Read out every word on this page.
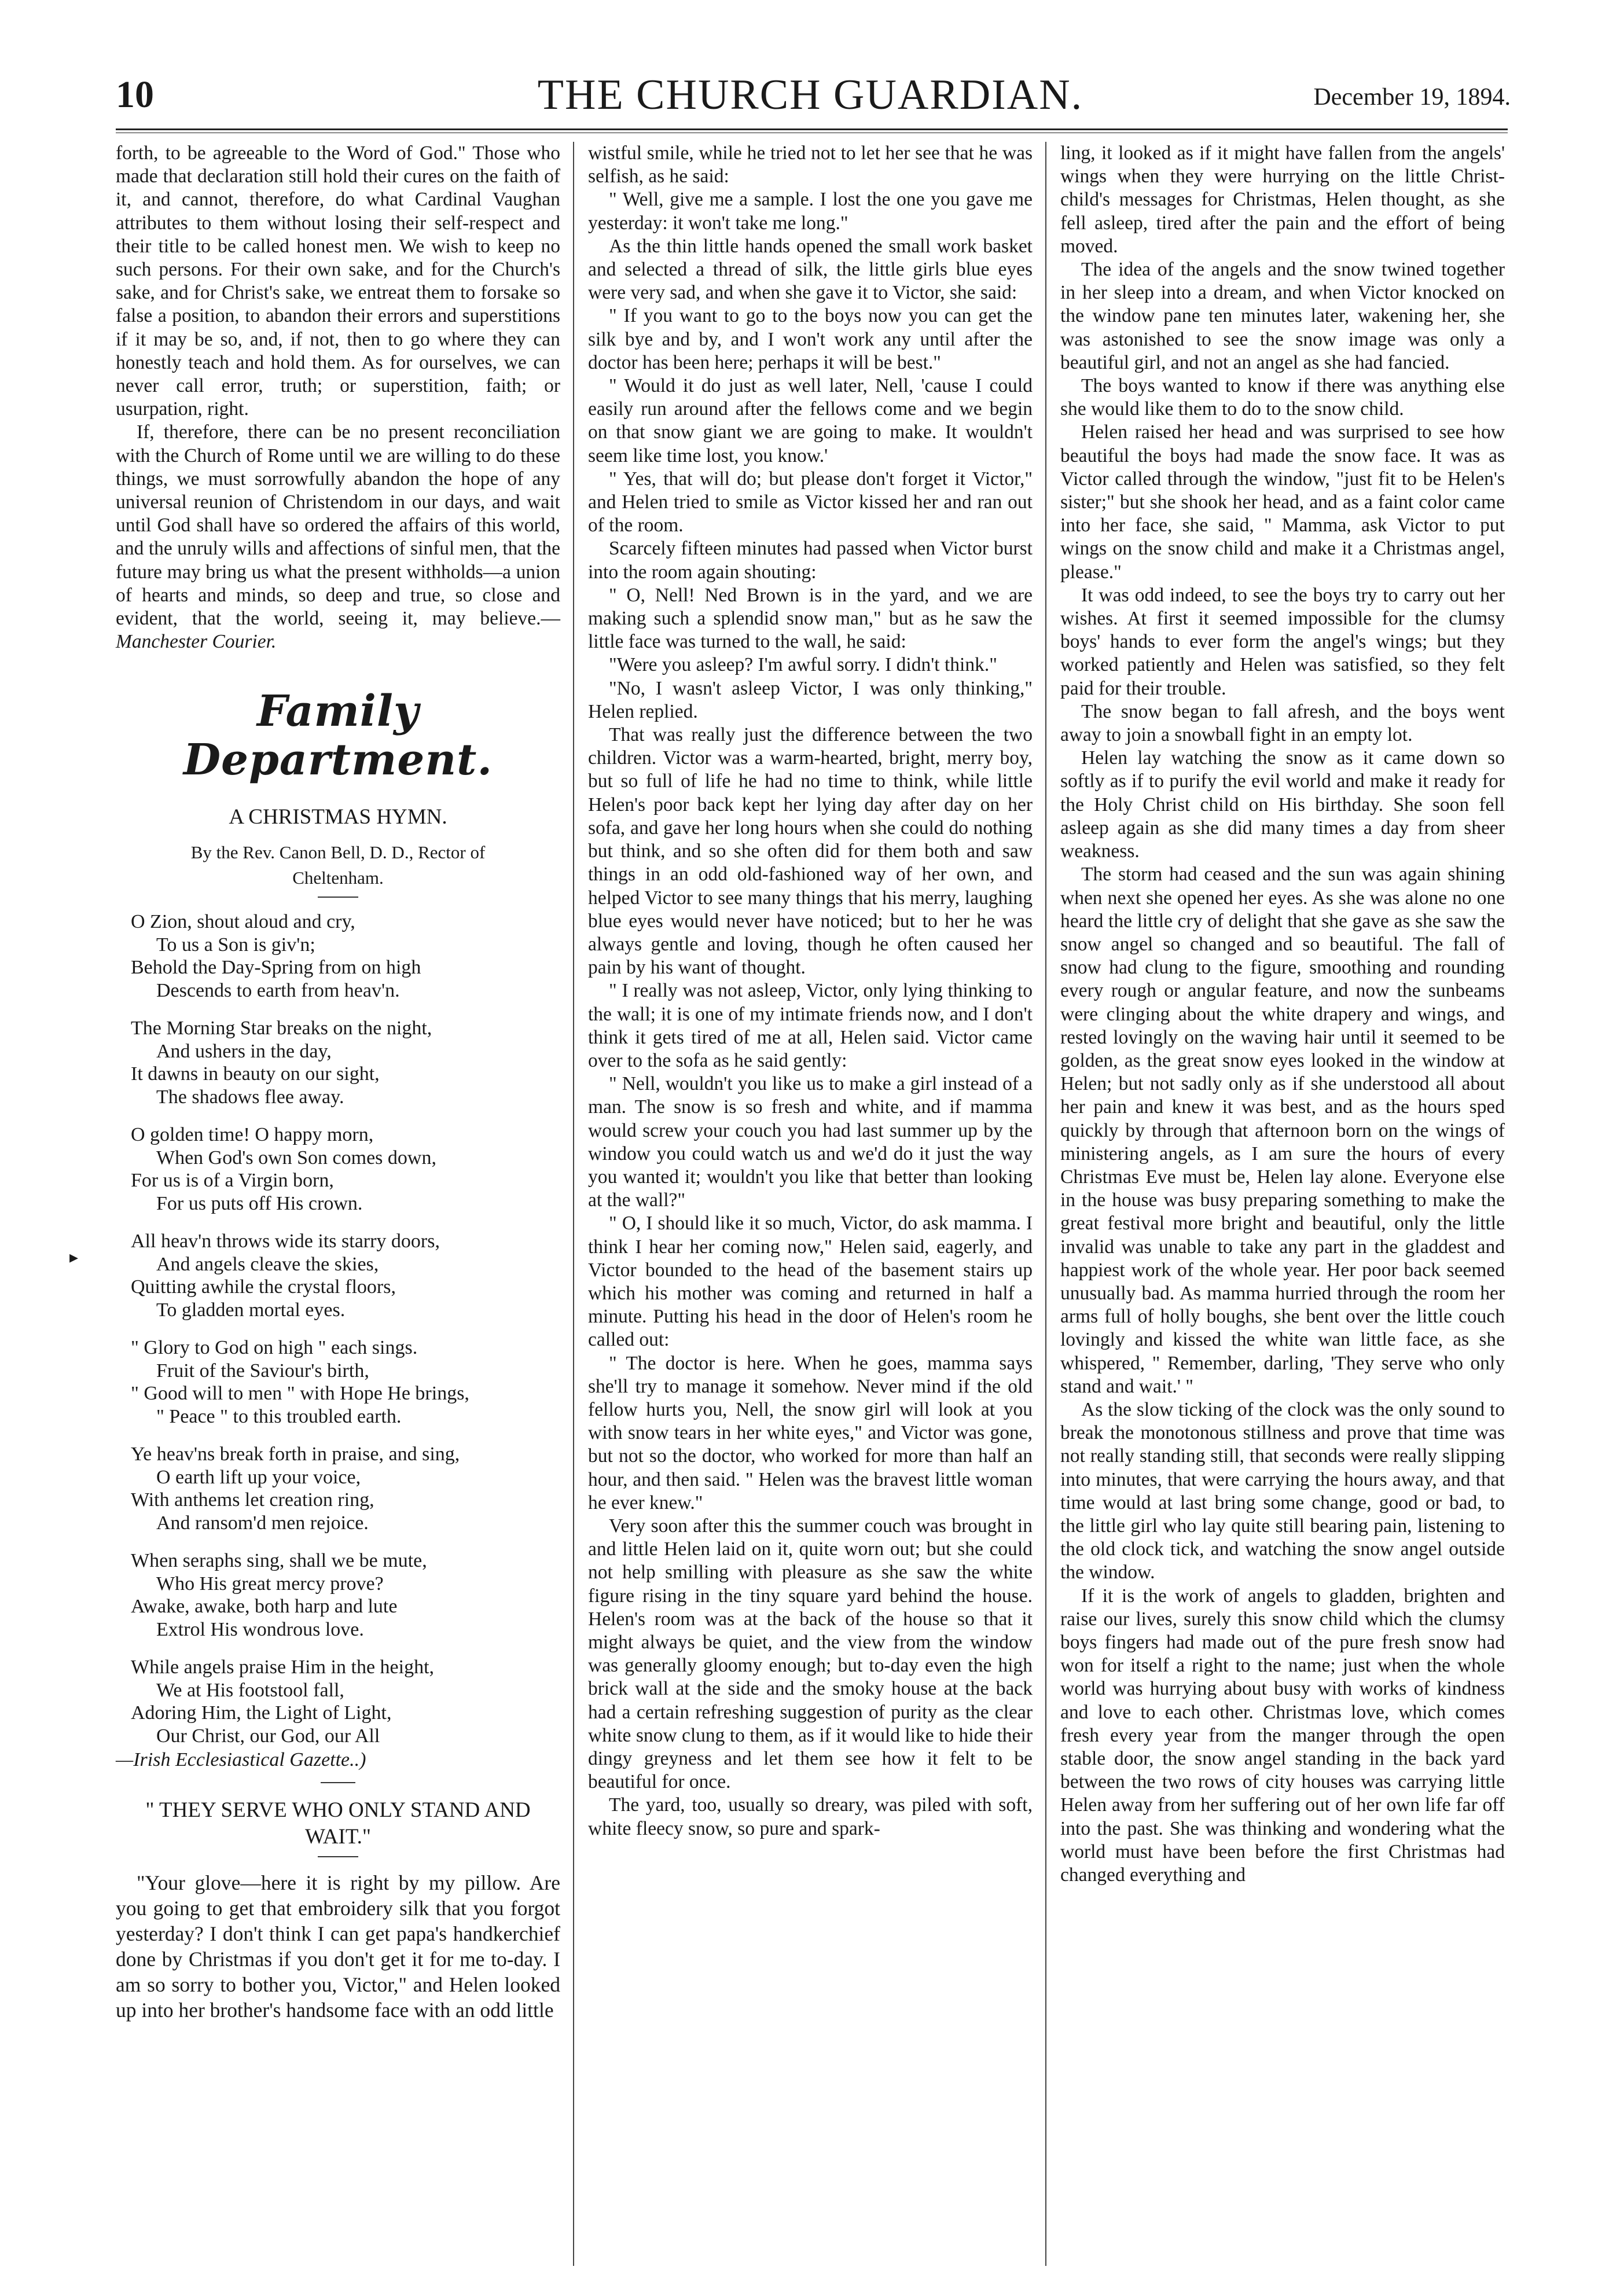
10	THE CHURCH GUARDIAN.	December 19, 1894.
▸

forth, to be agreeable to the Word of God." Those who made that declaration still hold their cures on the faith of it, and cannot, therefore, do what Cardinal Vaughan attributes to them without losing their self-respect and their title to be called honest men. We wish to keep no such persons. For their own sake, and for the Church's sake, and for Christ's sake, we entreat them to forsake so false a position, to abandon their errors and superstitions if it may be so, and, if not, then to go where they can honestly teach and hold them. As for ourselves, we can never call error, truth; or superstition, faith; or usurpation, right.

If, therefore, there can be no present reconciliation with the Church of Rome until we are willing to do these things, we must sorrowfully abandon the hope of any universal reunion of Christendom in our days, and wait until God shall have so ordered the affairs of this world, and the unruly wills and affections of sinful men, that the future may bring us what the present withholds—a union of hearts and minds, so deep and true, so close and evident, that the world, seeing it, may believe.—Manchester Courier.

Family Department.
A CHRISTMAS HYMN.
By the Rev. Canon Bell, D. D., Rector of
Cheltenham.
O Zion, shout aloud and cry,
To us a Son is giv'n;
Behold the Day-Spring from on high
Descends to earth from heav'n.
The Morning Star breaks on the night,
And ushers in the day,
It dawns in beauty on our sight,
The shadows flee away.
O golden time! O happy morn,
When God's own Son comes down,
For us is of a Virgin born,
For us puts off His crown.
All heav'n throws wide its starry doors,
And angels cleave the skies,
Quitting awhile the crystal floors,
To gladden mortal eyes.
" Glory to God on high " each sings.
Fruit of the Saviour's birth,
" Good will to men " with Hope He brings,
" Peace " to this troubled earth.
Ye heav'ns break forth in praise, and sing,
O earth lift up your voice,
With anthems let creation ring,
And ransom'd men rejoice.
When seraphs sing, shall we be mute,
Who His great mercy prove?
Awake, awake, both harp and lute
Extrol His wondrous love.
While angels praise Him in the height,
We at His footstool fall,
Adoring Him, the Light of Light,
Our Christ, our God, our All
—Irish Ecclesiastical Gazette..)
" THEY SERVE WHO ONLY STAND AND WAIT."

"Your glove—here it is right by my pillow. Are you going to get that embroidery silk that you forgot yesterday? I don't think I can get papa's handkerchief done by Christmas if you don't get it for me to-day. I am so sorry to bother you, Victor," and Helen looked up into her brother's handsome face with an odd little

wistful smile, while he tried not to let her see that he was selfish, as he said:

" Well, give me a sample. I lost the one you gave me yesterday: it won't take me long."

As the thin little hands opened the small work basket and selected a thread of silk, the little girls blue eyes were very sad, and when she gave it to Victor, she said:

" If you want to go to the boys now you can get the silk bye and by, and I won't work any until after the doctor has been here; perhaps it will be best."

" Would it do just as well later, Nell, 'cause I could easily run around after the fellows come and we begin on that snow giant we are going to make. It wouldn't seem like time lost, you know.'

" Yes, that will do; but please don't forget it Victor," and Helen tried to smile as Victor kissed her and ran out of the room.

Scarcely fifteen minutes had passed when Victor burst into the room again shouting:

" O, Nell! Ned Brown is in the yard, and we are making such a splendid snow man," but as he saw the little face was turned to the wall, he said:

"Were you asleep? I'm awful sorry. I didn't think."

"No, I wasn't asleep Victor, I was only thinking," Helen replied.

That was really just the difference between the two children. Victor was a warm-hearted, bright, merry boy, but so full of life he had no time to think, while little Helen's poor back kept her lying day after day on her sofa, and gave her long hours when she could do nothing but think, and so she often did for them both and saw things in an odd old-fashioned way of her own, and helped Victor to see many things that his merry, laughing blue eyes would never have noticed; but to her he was always gentle and loving, though he often caused her pain by his want of thought.

" I really was not asleep, Victor, only lying thinking to the wall; it is one of my intimate friends now, and I don't think it gets tired of me at all, Helen said. Victor came over to the sofa as he said gently:

" Nell, wouldn't you like us to make a girl instead of a man. The snow is so fresh and white, and if mamma would screw your couch you had last summer up by the window you could watch us and we'd do it just the way you wanted it; wouldn't you like that better than looking at the wall?"

" O, I should like it so much, Victor, do ask mamma. I think I hear her coming now," Helen said, eagerly, and Victor bounded to the head of the basement stairs up which his mother was coming and returned in half a minute. Putting his head in the door of Helen's room he called out:

" The doctor is here. When he goes, mamma says she'll try to manage it somehow. Never mind if the old fellow hurts you, Nell, the snow girl will look at you with snow tears in her white eyes," and Victor was gone, but not so the doctor, who worked for more than half an hour, and then said. " Helen was the bravest little woman he ever knew."

Very soon after this the summer couch was brought in and little Helen laid on it, quite worn out; but she could not help smilling with pleasure as she saw the white figure rising in the tiny square yard behind the house. Helen's room was at the back of the house so that it might always be quiet, and the view from the window was generally gloomy enough; but to-day even the high brick wall at the side and the smoky house at the back had a certain refreshing suggestion of purity as the clear white snow clung to them, as if it would like to hide their dingy greyness and let them see how it felt to be beautiful for once.

The yard, too, usually so dreary, was piled with soft, white fleecy snow, so pure and spark-

ling, it looked as if it might have fallen from the angels' wings when they were hurrying on the little Christ-child's messages for Christmas, Helen thought, as she fell asleep, tired after the pain and the effort of being moved.

The idea of the angels and the snow twined together in her sleep into a dream, and when Victor knocked on the window pane ten minutes later, wakening her, she was astonished to see the snow image was only a beautiful girl, and not an angel as she had fancied.

The boys wanted to know if there was anything else she would like them to do to the snow child.

Helen raised her head and was surprised to see how beautiful the boys had made the snow face. It was as Victor called through the window, "just fit to be Helen's sister;" but she shook her head, and as a faint color came into her face, she said, " Mamma, ask Victor to put wings on the snow child and make it a Christmas angel, please."

It was odd indeed, to see the boys try to carry out her wishes. At first it seemed impossible for the clumsy boys' hands to ever form the angel's wings; but they worked patiently and Helen was satisfied, so they felt paid for their trouble.

The snow began to fall afresh, and the boys went away to join a snowball fight in an empty lot.

Helen lay watching the snow as it came down so softly as if to purify the evil world and make it ready for the Holy Christ child on His birthday. She soon fell asleep again as she did many times a day from sheer weakness.

The storm had ceased and the sun was again shining when next she opened her eyes. As she was alone no one heard the little cry of delight that she gave as she saw the snow angel so changed and so beautiful. The fall of snow had clung to the figure, smoothing and rounding every rough or angular feature, and now the sunbeams were clinging about the white drapery and wings, and rested lovingly on the waving hair until it seemed to be golden, as the great snow eyes looked in the window at Helen; but not sadly only as if she understood all about her pain and knew it was best, and as the hours sped quickly by through that afternoon born on the wings of ministering angels, as I am sure the hours of every Christmas Eve must be, Helen lay alone. Everyone else in the house was busy preparing something to make the great festival more bright and beautiful, only the little invalid was unable to take any part in the gladdest and happiest work of the whole year. Her poor back seemed unusually bad. As mamma hurried through the room her arms full of holly boughs, she bent over the little couch lovingly and kissed the white wan little face, as she whispered, " Remember, darling, 'They serve who only stand and wait.' "

As the slow ticking of the clock was the only sound to break the monotonous stillness and prove that time was not really standing still, that seconds were really slipping into minutes, that were carrying the hours away, and that time would at last bring some change, good or bad, to the little girl who lay quite still bearing pain, listening to the old clock tick, and watching the snow angel outside the window.

If it is the work of angels to gladden, brighten and raise our lives, surely this snow child which the clumsy boys fingers had made out of the pure fresh snow had won for itself a right to the name; just when the whole world was hurrying about busy with works of kindness and love to each other. Christmas love, which comes fresh every year from the manger through the open stable door, the snow angel standing in the back yard between the two rows of city houses was carrying little Helen away from her suffering out of her own life far off into the past. She was thinking and wondering what the world must have been before the first Christmas had changed everything and
